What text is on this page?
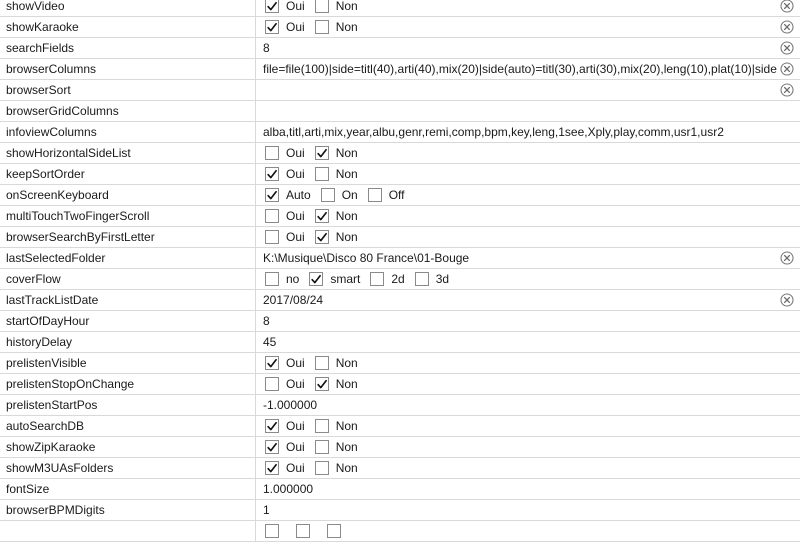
showVideo	Oui	Non
showKaraoke	Oui	Non
searchFields	8
browserColumns	file=file(100)|side=titl(40),arti(40),mix(20)|side(auto)=titl(30),arti(30),mix(20),leng(10),plat(10)|side
browserSort
browserGridColumns
infoviewColumns	alba,titl,arti,mix,year,albu,genr,remi,comp,bpm,key,leng,1see,Xply,play,comm,usr1,usr2
showHorizontalSideList	Oui	Non
keepSortOrder	Oui	Non
onScreenKeyboard	Auto	On	Off
multiTouchTwoFingerScroll	Oui	Non
browserSearchByFirstLetter	Oui	Non
lastSelectedFolder	K:\Musique\Disco 80 France\01-Bouge
coverFlow	no	smart	2d	3d
lastTrackListDate	2017/08/24
startOfDayHour	8
historyDelay	45
prelistenVisible	Oui	Non
prelistenStopOnChange	Oui	Non
prelistenStartPos	-1.000000
autoSearchDB	Oui	Non
showZipKaraoke	Oui	Non
showM3UAsFolders	Oui	Non
fontSize	1.000000
browserBPMDigits	1
